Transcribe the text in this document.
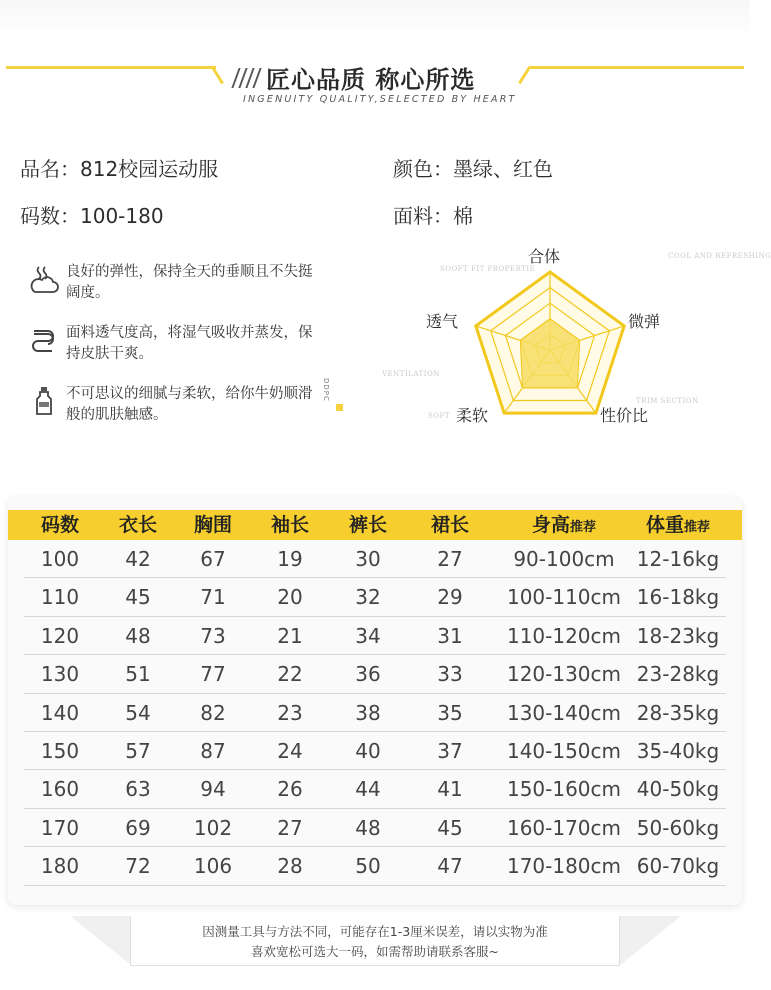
匠心品质 称心所选
INGENUITY QUALITY,SELECTED BY HEART
品名：812校园运动服	颜色：墨绿、红色
码数：100-180	面料：棉
良好的弹性，保持全天的垂顺且不失挺阔度。
面料透气度高，将湿气吸收并蒸发，保持皮肤干爽。
不可思议的细腻与柔软，给你牛奶顺滑般的肌肤触感。
DDPC
SOOFT FIT PROPERTIE
COOL AND REFRESHING
VENTILATION
SOFT
TRIM SECTION
合体
微弹
性价比
柔软
透气
码数	衣长	胸围	袖长	裤长	裙长	身高推荐	体重推荐
100	42	67	19	30	27	90-100cm	12-16kg
110	45	71	20	32	29	100-110cm 16-18kg
120	48	73	21	34	31	110-120cm 18-23kg
130	51	77	22	36	33	120-130cm 23-28kg
140	54	82	23	38	35	130-140cm 28-35kg
150	57	87	24	40	37	140-150cm 35-40kg
160	63	94	26	44	41	150-160cm 40-50kg
170	69	102	27	48	45	160-170cm 50-60kg
180	72	106	28	50	47	170-180cm 60-70kg
因测量工具与方法不同，可能存在1-3厘米误差，请以实物为准
喜欢宽松可选大一码，如需帮助请联系客服~
